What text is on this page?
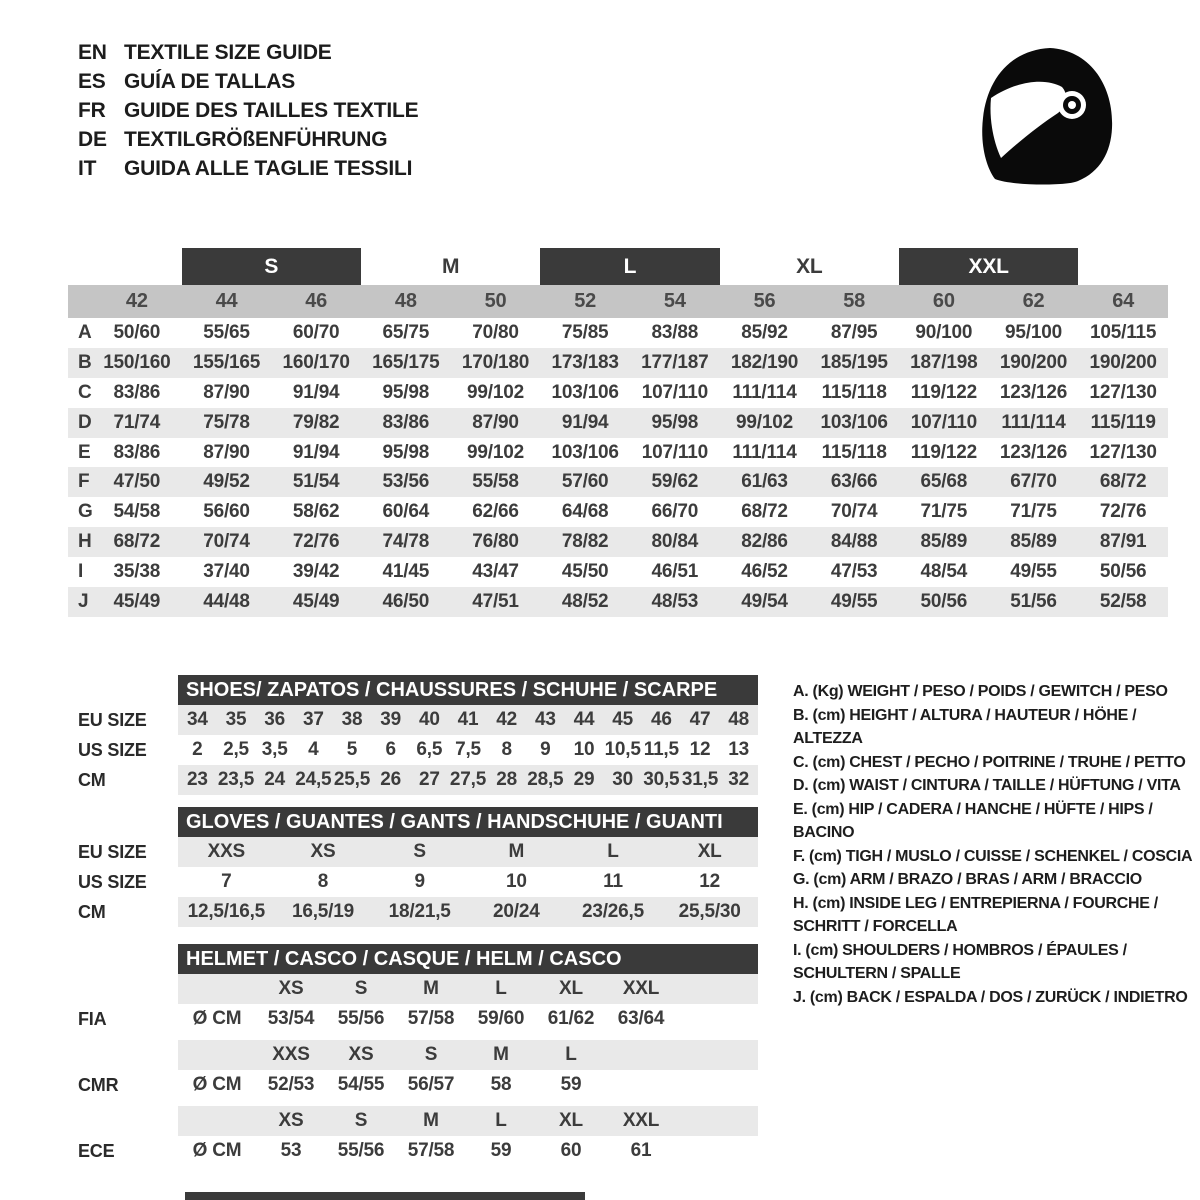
EN TEXTILE SIZE GUIDE
ES GUÍA DE TALLAS
FR GUIDE DES TAILLES TEXTILE
DE TEXTILGRÖßENFÜHRUNG
IT	GUIDA ALLE TAGLIE TESSILI
S	M	L	XL	XXL
42	44	46	48	50	52	54	56	58	60	62	64
A	50/60	55/65	60/70	65/75	70/80	75/85	83/88	85/92	87/95	90/100	95/100	105/115
B 150/160	155/165	160/170	165/175	170/180	173/183	177/187	182/190	185/195	187/198	190/200	190/200
C	83/86	87/90	91/94	95/98	99/102	103/106	107/110	111/114	115/118	119/122	123/126	127/130
D	71/74	75/78	79/82	83/86	87/90	91/94	95/98	99/102	103/106	107/110	111/114	115/119
E	83/86	87/90	91/94	95/98	99/102	103/106	107/110	111/114	115/118	119/122	123/126	127/130
F	47/50	49/52	51/54	53/56	55/58	57/60	59/62	61/63	63/66	65/68	67/70	68/72
G	54/58	56/60	58/62	60/64	62/66	64/68	66/70	68/72	70/74	71/75	71/75	72/76
H	68/72	70/74	72/76	74/78	76/80	78/82	80/84	82/86	84/88	85/89	85/89	87/91
I	35/38	37/40	39/42	41/45	43/47	45/50	46/51	46/52	47/53	48/54	49/55	50/56
J	45/49	44/48	45/49	46/50	47/51	48/52	48/53	49/54	49/55	50/56	51/56	52/58
SHOES/ ZAPATOS / CHAUSSURES / SCHUHE / SCARPE
EU SIZE	34 35 36 37 38 39 40 41 42 43 44 45 46 47 48
US SIZE	2	2,5 3,5	4	5	6	6,5 7,5	8	9	10 10,5 11,5 12 13
CM	23 23,5 24 24,5 25,5 26 27 27,5 28 28,5 29 30 30,5 31,5 32
GLOVES / GUANTES / GANTS / HANDSCHUHE / GUANTI
EU SIZE	XXS	XS	S	M	L	XL
US SIZE	7	8	9	10	11	12
CM	12,5/16,5	16,5/19	18/21,5	20/24	23/26,5	25,5/30
HELMET / CASCO / CASQUE / HELM / CASCO
XS	S	M	L	XL	XXL
FIA	Ø CM	53/54	55/56	57/58	59/60	61/62	63/64
XXS	XS	S	M	L
CMR	Ø CM	52/53	54/55	56/57	58	59
XS	S	M	L	XL	XXL
ECE	Ø CM	53	55/56	57/58	59	60	61
A. (Kg) WEIGHT / PESO / POIDS / GEWITCH / PESO
B. (cm) HEIGHT / ALTURA / HAUTEUR / HÖHE / ALTEZZA
C. (cm) CHEST / PECHO / POITRINE / TRUHE / PETTO
D. (cm) WAIST / CINTURA / TAILLE / HÜFTUNG / VITA
E. (cm) HIP / CADERA / HANCHE / HÜFTE / HIPS / BACINO
F. (cm) TIGH / MUSLO / CUISSE / SCHENKEL / COSCIA
G. (cm) ARM / BRAZO / BRAS / ARM / BRACCIO
H. (cm) INSIDE LEG / ENTREPIERNA / FOURCHE / SCHRITT / FORCELLA
I. (cm) SHOULDERS / HOMBROS / ÉPAULES / SCHULTERN / SPALLE
J. (cm) BACK / ESPALDA / DOS / ZURÜCK / INDIETRO
